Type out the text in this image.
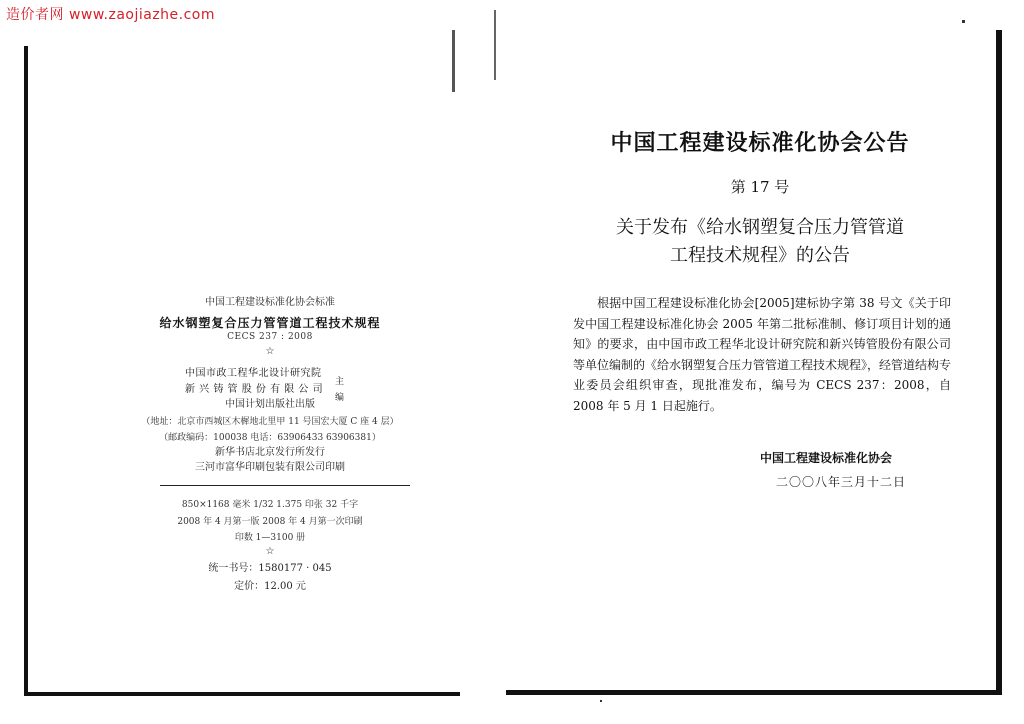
造价者网 www.zaojiazhe.com

中国工程建设标准化协会标准

给水钢塑复合压力管管道工程技术规程

CECS 237 : 2008

☆

中国市政工程华北设计研究院
新 兴 铸 管 股 份 有 限 公 司
主编

中国计划出版社出版

（地址：北京市西城区木樨地北里甲 11 号国宏大厦 C 座 4 层）

（邮政编码：100038 电话：63906433 63906381）

新华书店北京发行所发行

三河市富华印刷包装有限公司印刷

850×1168 毫米 1/32 1.375 印张 32 千字

2008 年 4 月第一版 2008 年 4 月第一次印刷

印数 1—3100 册

☆

统一书号：1580177 · 045

定价：12.00 元

中国工程建设标准化协会公告
第 17 号
关于发布《给水钢塑复合压力管管道
工程技术规程》的公告
根据中国工程建设标准化协会[2005]建标协字第 38 号文《关于印发中国工程建设标准化协会 2005 年第二批标准制、修订项目计划的通知》的要求，由中国市政工程华北设计研究院和新兴铸管股份有限公司等单位编制的《给水钢塑复合压力管管道工程技术规程》，经管道结构专业委员会组织审查，现批准发布，编号为 CECS 237：2008，自 2008 年 5 月 1 日起施行。
中国工程建设标准化协会
二〇〇八年三月十二日
